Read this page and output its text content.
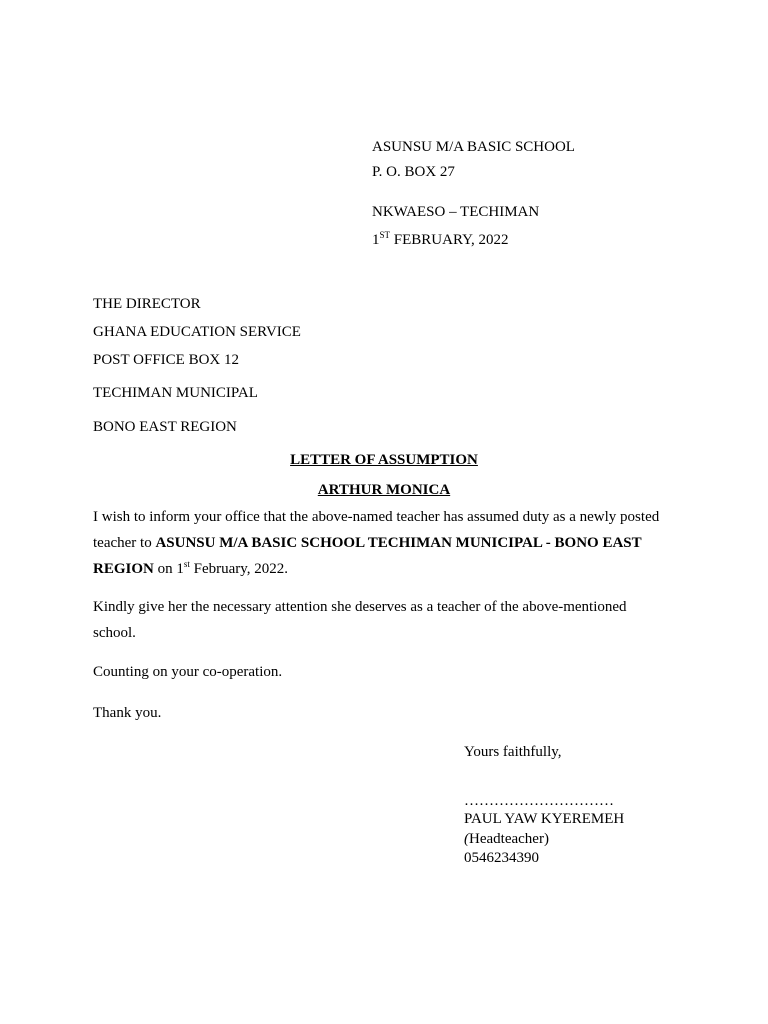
ASUNSU M/A BASIC SCHOOL
P. O. BOX 27
NKWAESO – TECHIMAN
1ST FEBRUARY, 2022
THE DIRECTOR
GHANA EDUCATION SERVICE
POST OFFICE BOX 12
TECHIMAN MUNICIPAL
BONO EAST REGION
LETTER OF ASSUMPTION
ARTHUR MONICA
I wish to inform your office that the above-named teacher has assumed duty as a newly posted teacher to ASUNSU M/A BASIC SCHOOL TECHIMAN MUNICIPAL - BONO EAST REGION on 1st February, 2022.
Kindly give her the necessary attention she deserves as a teacher of the above-mentioned school.
Counting on your co-operation.
Thank you.
Yours faithfully,
…………………………
PAUL YAW KYEREMEH
(Headteacher)
0546234390
